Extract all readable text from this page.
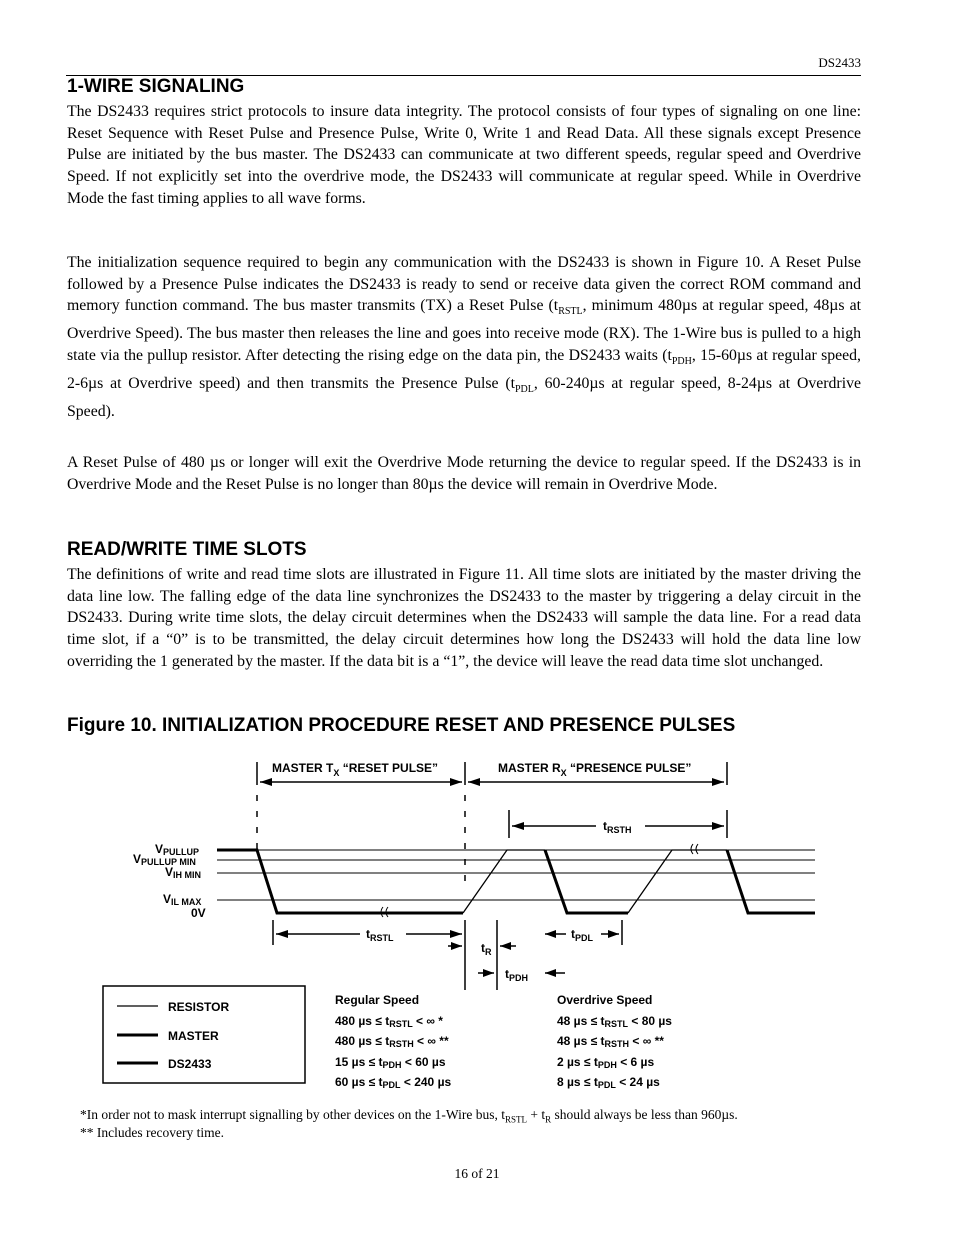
DS2433
1-WIRE SIGNALING

The DS2433 requires strict protocols to insure data integrity. The protocol consists of four types of signaling on one line: Reset Sequence with Reset Pulse and Presence Pulse, Write 0, Write 1 and Read Data. All these signals except Presence Pulse are initiated by the bus master. The DS2433 can communicate at two different speeds, regular speed and Overdrive Speed. If not explicitly set into the overdrive mode, the DS2433 will communicate at regular speed. While in Overdrive Mode the fast timing applies to all wave forms.

The initialization sequence required to begin any communication with the DS2433 is shown in Figure 10. A Reset Pulse followed by a Presence Pulse indicates the DS2433 is ready to send or receive data given the correct ROM command and memory function command. The bus master transmits (TX) a Reset Pulse ($t_{RSTL}$, minimum 480µs at regular speed, 48µs at Overdrive Speed). The bus master then releases the line and goes into receive mode (RX). The 1-Wire bus is pulled to a high state via the pullup resistor. After detecting the rising edge on the data pin, the DS2433 waits ($t_{PDH}$, 15-60µs at regular speed, 2-6µs at Overdrive speed) and then transmits the Presence Pulse ($t_{PDL}$, 60-240µs at regular speed, 8-24µs at Overdrive Speed).

A Reset Pulse of 480 µs or longer will exit the Overdrive Mode returning the device to regular speed. If the DS2433 is in Overdrive Mode and the Reset Pulse is no longer than 80µs the device will remain in Overdrive Mode.

READ/WRITE TIME SLOTS

The definitions of write and read time slots are illustrated in Figure 11. All time slots are initiated by the master driving the data line low. The falling edge of the data line synchronizes the DS2433 to the master by triggering a delay circuit in the DS2433. During write time slots, the delay circuit determines when the DS2433 will sample the data line. For a read data time slot, if a “0” is to be transmitted, the delay circuit determines how long the DS2433 will hold the data line low overriding the 1 generated by the master. If the data bit is a “1”, the device will leave the read data time slot unchanged.

Figure 10. INITIALIZATION PROCEDURE RESET AND PRESENCE PULSES
MASTER $T_X$ “RESET PULSE”	MASTER $R_X$ “PRESENCE PULSE”
VPULLUP
VPULLUP MIN
VIH MIN
VIL MAX
0V
$t_{RSTH}$
$t_{RSTL}$
$t_R$
$t_{PDL}$
$t_{PDH}$
RESISTOR
MASTER
DS2433
Regular Speed
480 µs ≤ tRSTL < ∞ *
480 µs ≤ tRSTH < ∞ **
15 µs ≤ tPDH < 60 µs
60 µs ≤ tPDL < 240 µs
Overdrive Speed
48 µs ≤ tRSTL < 80 µs
48 µs ≤ tRSTH < ∞ **
2 µs ≤ tPDH < 6 µs
8 µs ≤ tPDL < 24 µs

*In order not to mask interrupt signalling by other devices on the 1-Wire bus, $t_{RSTL} + t_R$ should always be less than 960µs.

** Includes recovery time.

16 of 21
